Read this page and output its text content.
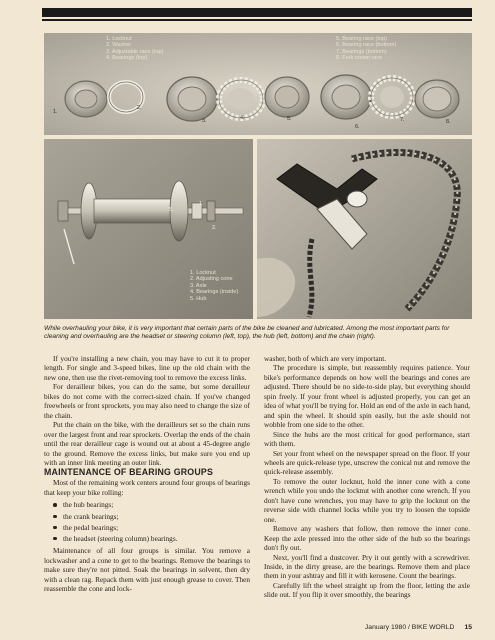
1. Locknut
2. Washer
3. Adjustable race (top)
4. Bearings (top)
5. Bearing race (top)
6. Bearing race (bottom)
7. Bearings (bottom)
8. Fork crown race
1.
2.
3.	4.	5.
6.
7.	8.
5.
1.
2.
1. Locknut
2. Adjusting cone
3. Axle
4. Bearings (inside)
5. Hub
While overhauling your bike, it is very important that certain parts of the bike be cleaned and lubricated. Among the most important parts for cleaning and overhauling are the headset or steering column (left, top), the hub (left, bottom) and the chain (right).

If you're installing a new chain, you may have to cut it to proper length. For single and 3-speed bikes, line up the old chain with the new one, then use the rivet-removing tool to remove the excess links.

For derailleur bikes, you can do the same, but some derailleur bikes do not come with the correct-sized chain. If you've changed freewheels or front sprockets, you may also need to change the size of the chain.

Put the chain on the bike, with the derailleurs set so the chain runs over the largest front and rear sprockets. Overlap the ends of the chain until the rear derailleur cage is wound out at about a 45-degree angle to the ground. Remove the excess links, but make sure you end up with an inner link meeting an outer link.

MAINTENANCE OF BEARING GROUPS

Most of the remaining work centers around four groups of bearings that keep your bike rolling:

the hub bearings;
the crank bearings;
the pedal bearings;
the headset (steering column) bearings.

Maintenance of all four groups is similar. You remove a lockwasher and a cone to get to the bearings. Remove the bearings to make sure they're not pitted. Soak the bearings in solvent, then dry with a clean rag. Repack them with just enough grease to cover. Then reassemble the cone and lock-

washer, both of which are very important.

The procedure is simple, but reassembly requires patience. Your bike's performance depends on how well the bearings and cones are adjusted. There should be no side-to-side play, but everything should spin freely. If your front wheel is adjusted properly, you can get an idea of what you'll be trying for. Hold an end of the axle in each hand, and spin the wheel. It should spin easily, but the axle should not wobble from one side to the other.

Since the hubs are the most critical for good performance, start with them.

Set your front wheel on the newspaper spread on the floor. If your wheels are quick-release type, unscrew the conical nut and remove the quick-release assembly.

To remove the outer locknut, hold the inner cone with a cone wrench while you undo the locknut with another cone wrench. If you don't have cone wrenches, you may have to grip the locknut on the reverse side with channel locks while you try to loosen the topside one.

Remove any washers that follow, then remove the inner cone. Keep the axle pressed into the other side of the hub so the bearings don't fly out.

Next, you'll find a dustcover. Pry it out gently with a screwdriver. Inside, in the dirty grease, are the bearings. Remove them and place them in your ashtray and fill it with kerosene. Count the bearings.

Carefully lift the wheel straight up from the floor, letting the axle slide out. If you flip it over smoothly, the bearings

January 1980 / BIKE WORLD 15
